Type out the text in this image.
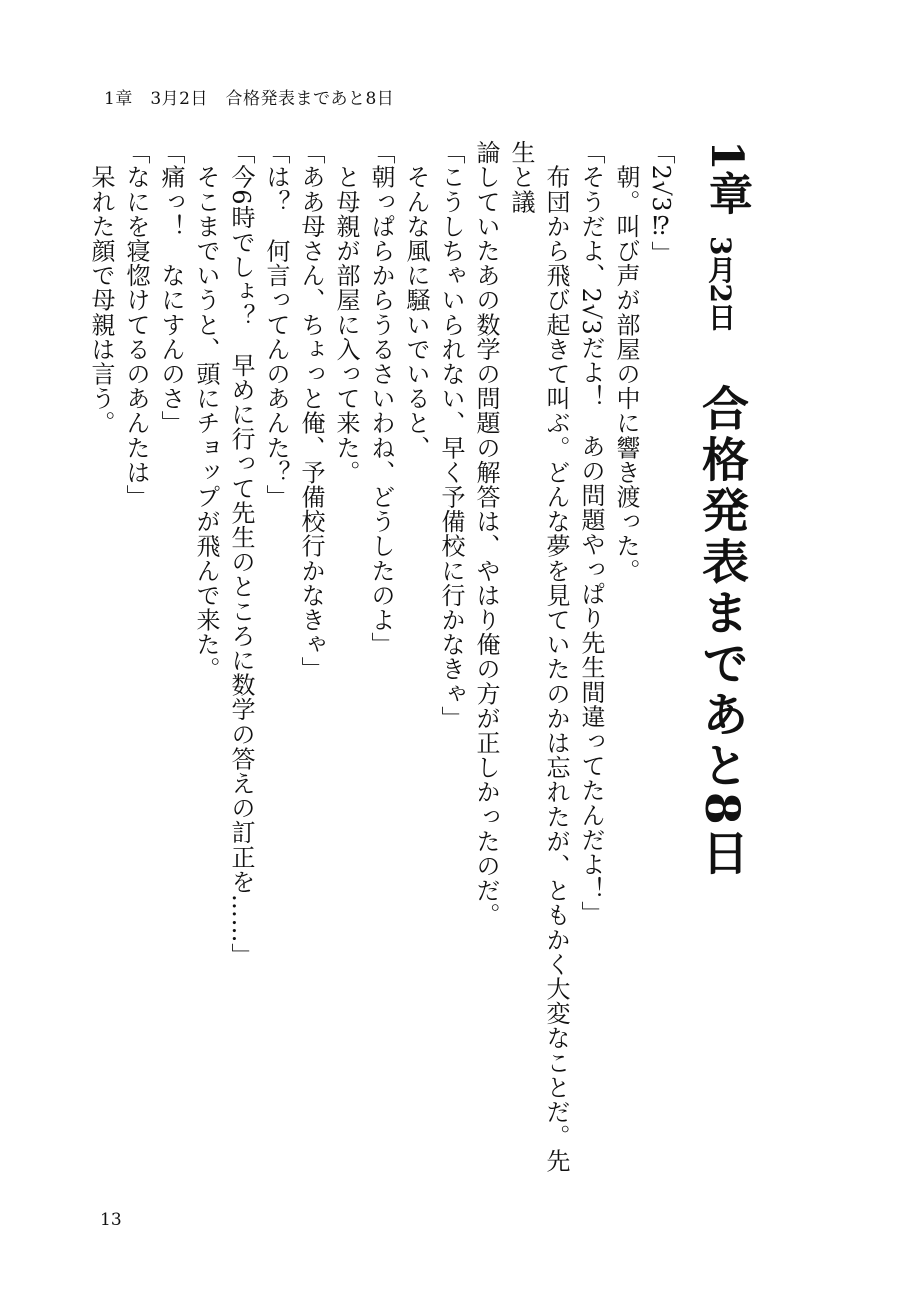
1章　3月2日　合格発表まであと8日
1章
3月2日
合格発表まであと8日
「2√3⁉」
　朝。叫び声が部屋の中に響き渡った。
「そうだよ、2√3だよ！　あの問題やっぱり先生間違ってたんだよ！」
　布団から飛び起きて叫ぶ。どんな夢を見ていたのかは忘れたが、ともかく大変なことだ。先生と議
論していたあの数学の問題の解答は、やはり俺の方が正しかったのだ。
「こうしちゃいられない、早く予備校に行かなきゃ」
　そんな風に騒いでいると、
「朝っぱらからうるさいわね、どうしたのよ」
　と母親が部屋に入って来た。
「ああ母さん、ちょっと俺、予備校行かなきゃ」
「は？　何言ってんのあんた？」
「今6時でしょ？　早めに行って先生のところに数学の答えの訂正を……」
　そこまでいうと、頭にチョップが飛んで来た。
「痛っ！　なにすんのさ」
「なにを寝惚けてるのあんたは」
　呆れた顔で母親は言う。
13
